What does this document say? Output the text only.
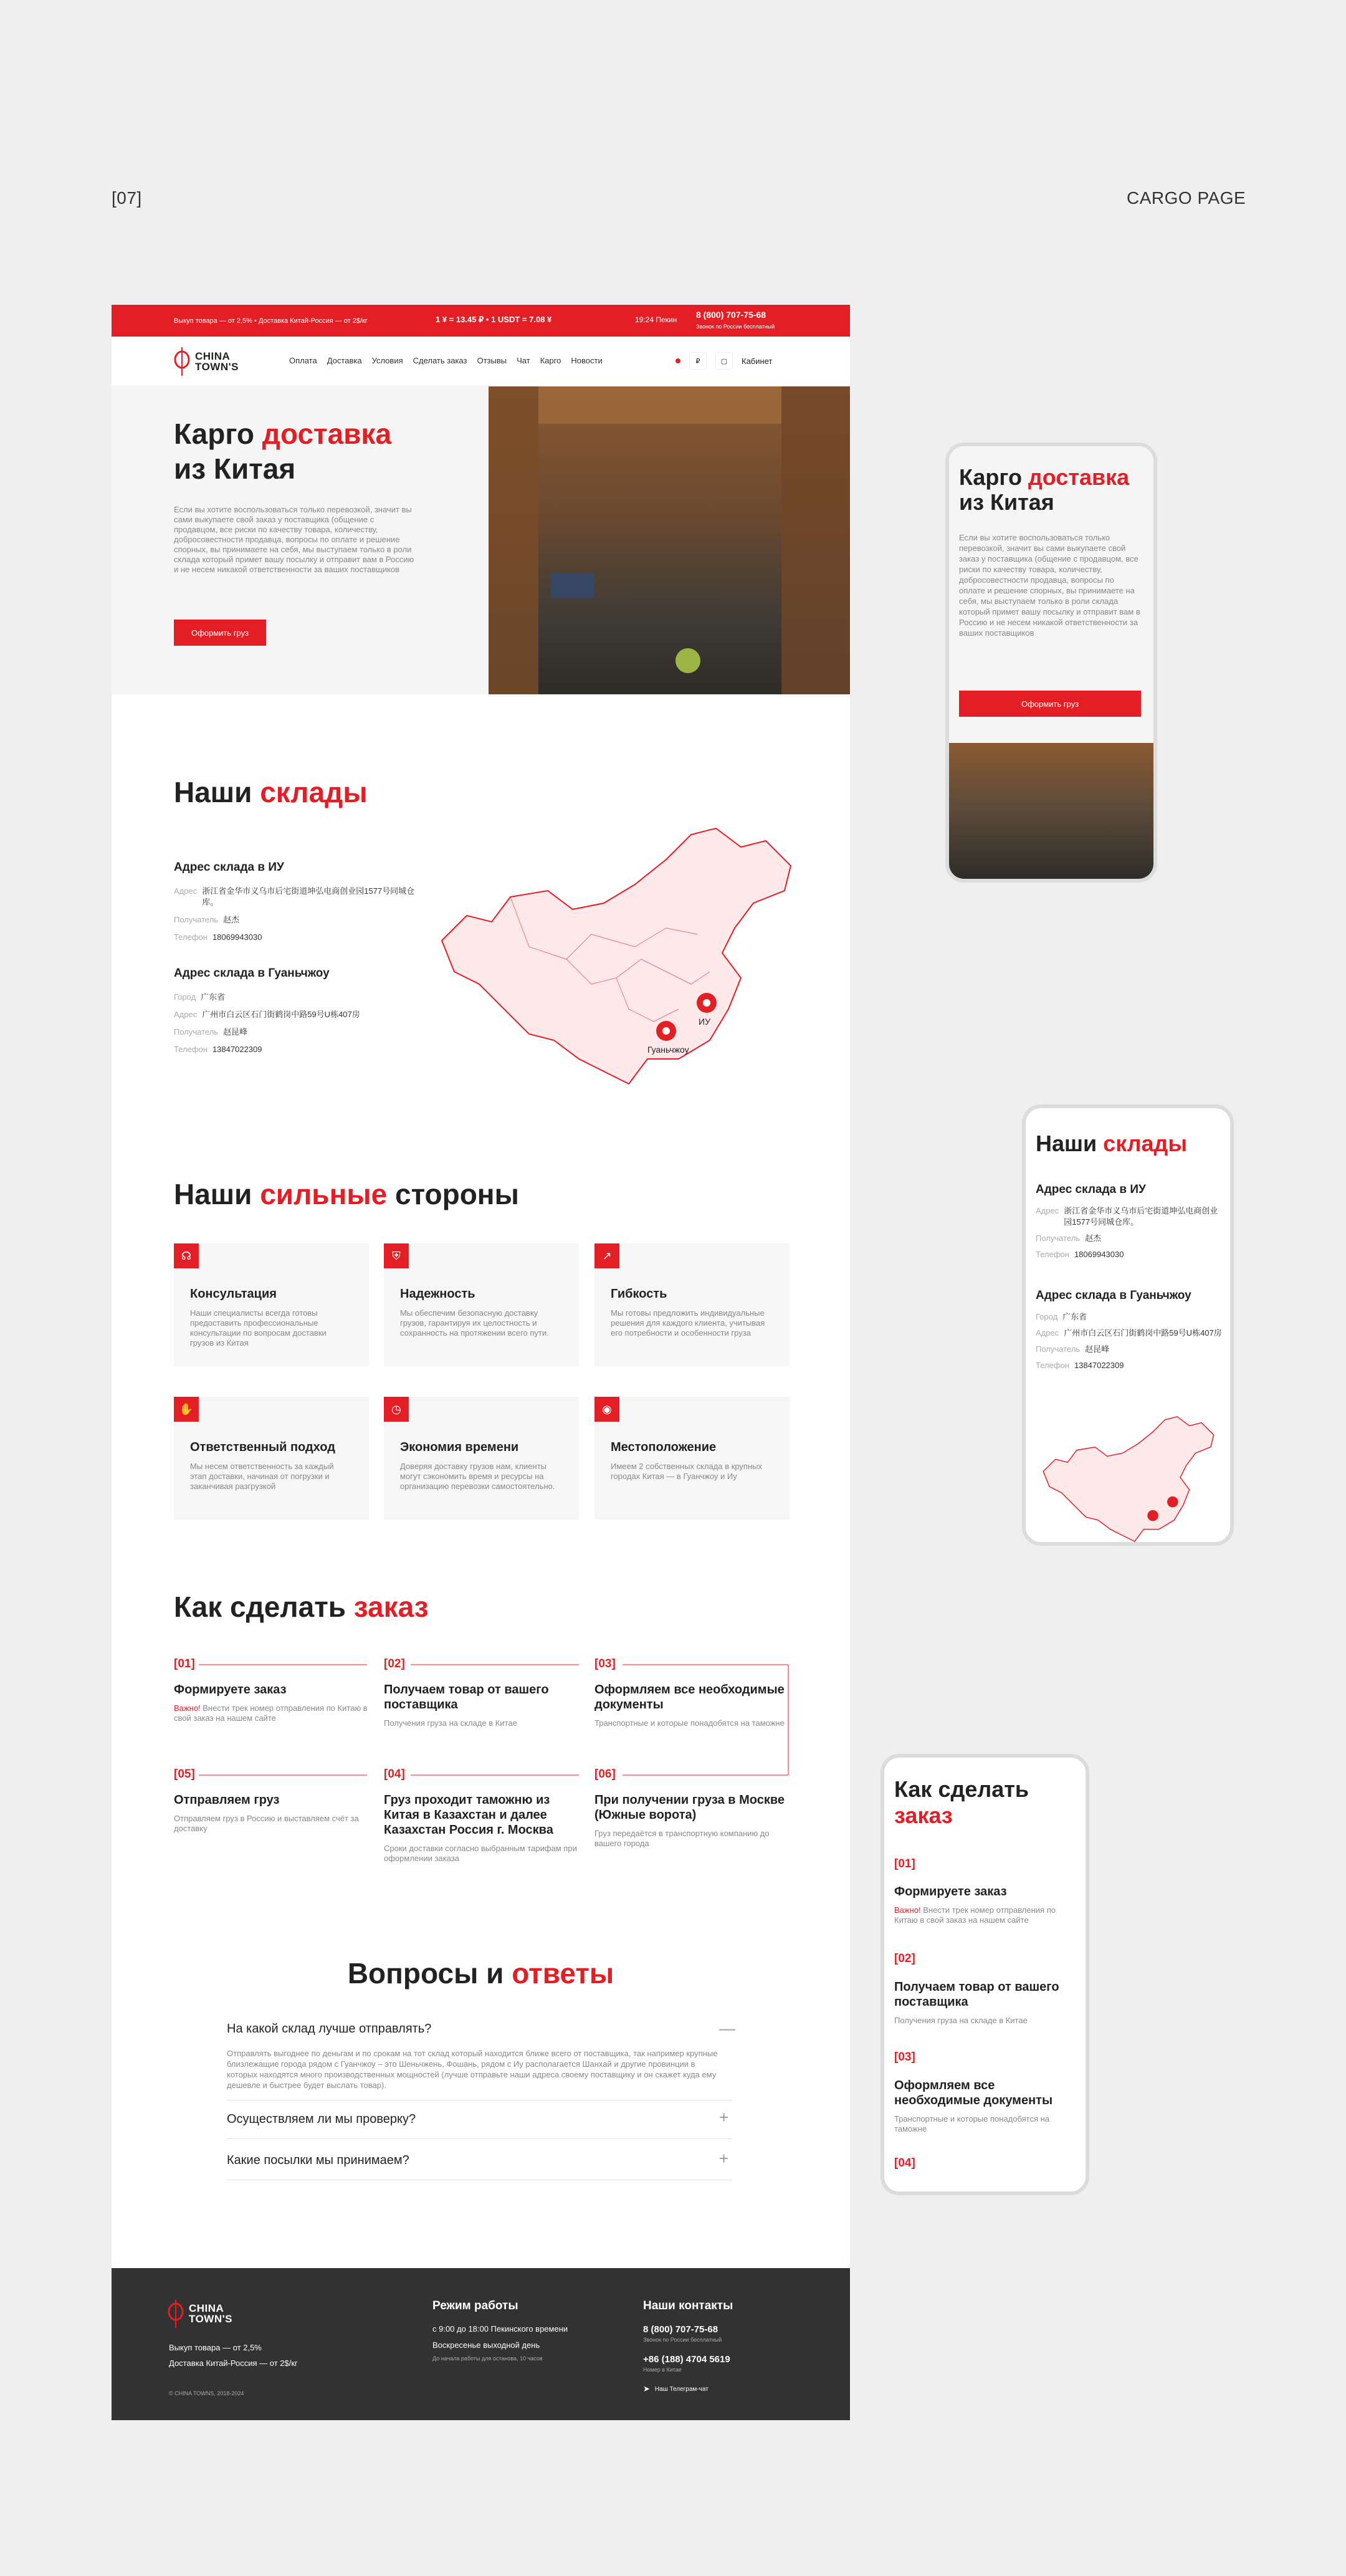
[07]	CARGO PAGE
Выкуп товара — от 2,5% • Доставка Китай-Россия — от 2$/кг	1 ¥ = 13.45 ₽ • 1 USDT = 7.08 ¥	19:24 Пекин 8 (800) 707-75-68
Звонок по России бесплатный
CHINA
TOWN'S	Оплата Доставка Условия Сделать заказ Отзывы Чат Карго Новости	₽	▢	Кабинет
Карго доставка
из Китая

Если вы хотите воспользоваться только перевозкой, значит вы сами выкупаете свой заказ у поставщика (общение с продавцом, все риски по качеству товара, количеству, добросовестности продавца, вопросы по оплате и решение спорных, вы принимаете на себя, мы выступаем только в роли склада который примет вашу посылку и отправит вам в Россию и не несем никакой ответственности за ваших поставщиков

Оформить груз
Наши склады
Адрес склада в ИУ
Адрес 浙江省金华市义乌市后宅街道坤弘电商创业园1577号同城仓库。
Получатель 赵杰
Телефон 18069943030
Адрес склада в Гуаньчжоу
Город 广东省
Адрес 广州市白云区石门街鹤岗中路59号U栋407房
Получатель 赵昆峰
Телефон 13847022309
ИУ
Гуаньчжоу
Наши сильные стороны
☊
Консультация

Наши специалисты всегда готовы предоставить профессиональные консультации по вопросам доставки грузов из Китая

⛨
Надежность

Мы обеспечим безопасную доставку грузов, гарантируя их целостность и сохранность на протяжении всего пути.

↗
Гибкость

Мы готовы предложить индивидуальные решения для каждого клиента, учитывая его потребности и особенности груза

✋
Ответственный подход

Мы несем ответственность за каждый этап доставки, начиная от погрузки и заканчивая разгрузкой

◷
Экономия времени

Доверяя доставку грузов нам, клиенты могут сэкономить время и ресурсы на организацию перевозки самостоятельно.

◉
Местоположение

Имеем 2 собственных склада в крупных городах Китая — в Гуанчжоу и Иу

Как сделать заказ
[01]
Формируете заказ

Важно! Внести трек номер отправления по Китаю в свой заказ на нашем сайте

[02]
Получаем товар от вашего поставщика

Получения груза на складе в Китае

[03]
Оформляем все необходимые документы

Транспортные и которые понадобятся на таможне

[05]
Отправляем груз

Отправляем груз в Россию и выставляем счёт за доставку

[04]
Груз проходит таможню из Китая в Казахстан и далее Казахстан Россия г. Москва

Сроки доставки согласно выбранным тарифам при оформлении заказа

[06]
При получении груза в Москве (Южные ворота)

Груз передаётся в транспортную компанию до вашего города

Вопросы и ответы
На какой склад лучше отправлять?	—
Отправлять выгоднее по деньгам и по срокам на тот склад который находится ближе всего от поставщика, так например крупные близлежащие города рядом с Гуанчжоу – это Шеньчжень, Фошань, рядом с Иу располагается Шанхай и другие провинции в которых находятся много производственных мощностей (лучше отправьте наши адреса своему поставщику и он скажет куда ему дешевле и быстрее будет выслать товар).
Осуществляем ли мы проверку?	+
Какие посылки мы принимаем?	+
CHINA
TOWN'S
Выкуп товара — от 2,5%
Доставка Китай-Россия — от 2$/кг
© CHINA TOWNS, 2018-2024
Режим работы
с 9:00 до 18:00 Пекинского времени
Воскресенье выходной день
До начала работы для останова, 10 часов
Наши контакты
8 (800) 707-75-68
Звонок по России бесплатный
+86 (188) 4704 5619
Номер в Китае
➤ Наш Телеграм-чат
Карго доставка
из Китая
Если вы хотите воспользоваться только перевозкой, значит вы сами выкупаете свой заказ у поставщика (общение с продавцом, все риски по качеству товара, количеству, добросовестности продавца, вопросы по оплате и решение спорных, вы принимаете на себя, мы выступаем только в роли склада который примет вашу посылку и отправит вам в Россию и не несем никакой ответственности за ваших поставщиков
Оформить груз
Наши склады
Адрес склада в ИУ
Адрес 浙江省金华市义乌市后宅街道坤弘电商创业园1577号同城仓库。
Получатель 赵杰
Телефон 18069943030
Адрес склада в Гуаньчжоу
Город 广东省
Адрес 广州市白云区石门街鹤岗中路59号U栋407房
Получатель 赵昆峰
Телефон 13847022309
Как сделать
заказ
[01]
Формируете заказ
Важно! Внести трек номер отправления по Китаю в свой заказ на нашем сайте
[02]
Получаем товар от вашего поставщика
Получения груза на складе в Китае
[03]
Оформляем все необходимые документы
Транспортные и которые понадобятся на таможне
[04]
